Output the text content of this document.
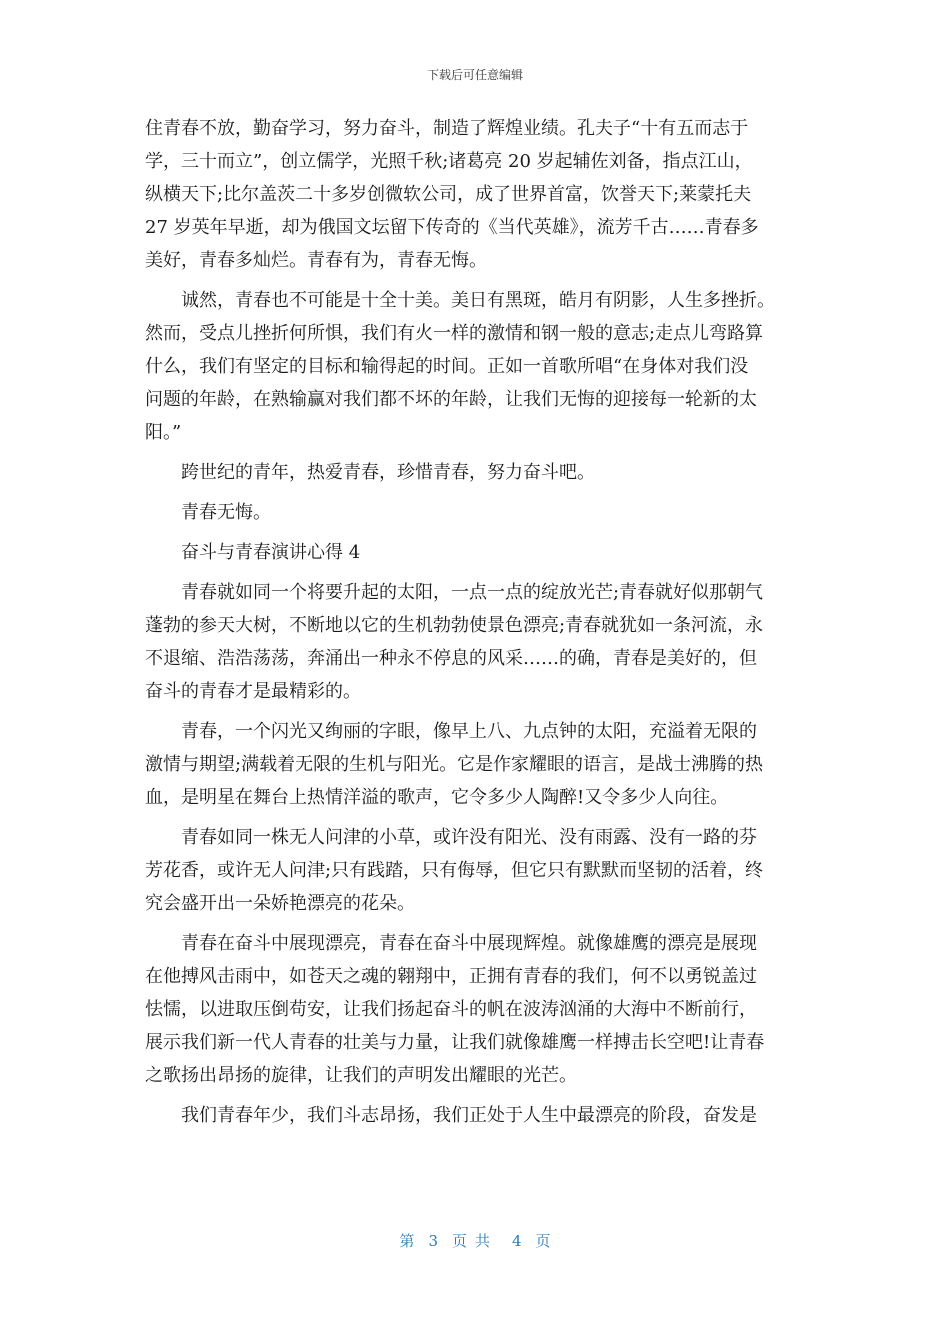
下载后可任意编辑
住青春不放，勤奋学习，努力奋斗，制造了辉煌业绩。孔夫子“十有五而志于
学，三十而立”，创立儒学，光照千秋;诸葛亮 20 岁起辅佐刘备，指点江山，
纵横天下;比尔盖茨二十多岁创微软公司，成了世界首富，饮誉天下;莱蒙托夫
27 岁英年早逝，却为俄国文坛留下传奇的《当代英雄》，流芳千古……青春多
美好，青春多灿烂。青春有为，青春无悔。
　　诚然，青春也不可能是十全十美。美日有黑斑，皓月有阴影，人生多挫折。
然而，受点儿挫折何所惧，我们有火一样的激情和钢一般的意志;走点儿弯路算
什么，我们有坚定的目标和输得起的时间。正如一首歌所唱“在身体对我们没
问题的年龄，在熟输赢对我们都不坏的年龄，让我们无悔的迎接每一轮新的太
阳。”
　　跨世纪的青年，热爱青春，珍惜青春，努力奋斗吧。
　　青春无悔。
　　奋斗与青春演讲心得 4
　　青春就如同一个将要升起的太阳，一点一点的绽放光芒;青春就好似那朝气
蓬勃的参天大树，不断地以它的生机勃勃使景色漂亮;青春就犹如一条河流，永
不退缩、浩浩荡荡，奔涌出一种永不停息的风采……的确，青春是美好的，但
奋斗的青春才是最精彩的。
　　青春，一个闪光又绚丽的字眼，像早上八、九点钟的太阳，充溢着无限的
激情与期望;满载着无限的生机与阳光。它是作家耀眼的语言，是战士沸腾的热
血，是明星在舞台上热情洋溢的歌声，它令多少人陶醉!又令多少人向往。
　　青春如同一株无人问津的小草，或许没有阳光、没有雨露、没有一路的芬
芳花香，或许无人问津;只有践踏，只有侮辱，但它只有默默而坚韧的活着，终
究会盛开出一朵娇艳漂亮的花朵。
　　青春在奋斗中展现漂亮，青春在奋斗中展现辉煌。就像雄鹰的漂亮是展现
在他搏风击雨中，如苍天之魂的翱翔中，正拥有青春的我们，何不以勇锐盖过
怯懦，以进取压倒苟安，让我们扬起奋斗的帆在波涛汹涌的大海中不断前行，
展示我们新一代人青春的壮美与力量，让我们就像雄鹰一样搏击长空吧!让青春
之歌扬出昂扬的旋律，让我们的声明发出耀眼的光芒。
　　我们青春年少，我们斗志昂扬，我们正处于人生中最漂亮的阶段，奋发是
第 3 页共 4 页
